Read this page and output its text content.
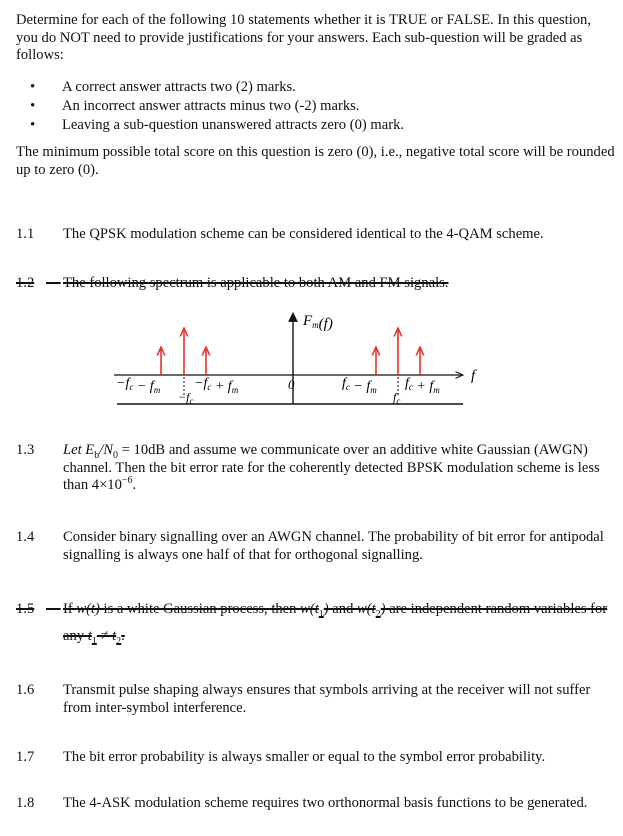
Determine for each of the following 10 statements whether it is TRUE or FALSE. In this question, you do NOT need to provide justifications for your answers. Each sub-question will be graded as follows:
• A correct answer attracts two (2) marks.
• An incorrect answer attracts minus two (-2) marks.
• Leaving a sub-question unanswered attracts zero (0) mark.
The minimum possible total score on this question is zero (0), i.e., negative total score will be rounded up to zero (0).
1.1	The QPSK modulation scheme can be considered identical to the 4-QAM scheme.
1.2
	The following spectrum is applicable to both AM and FM signals.
$F_m(f)$
f
0
$-f_c - f_m -f_c + f_m$
$-f_c$
$f_c - f_m$ $f_c + f_m$
$f_c$
1.3	Let $E_b/N_0 = 10dB$ and assume we communicate over an additive white Gaussian (AWGN) channel. Then the bit error rate for the coherently detected BPSK modulation scheme is less than $4\times 10^{-6}$.
1.4	Consider binary signalling over an AWGN channel. The probability of bit error for antipodal signalling is always one half of that for orthogonal signalling.
1.5
	If w(t) is a white Gaussian process, then $w(t_1)$ and $w(t_2)$ are independent random variables for any $t_1 \ne t_2$.
1.6	Transmit pulse shaping always ensures that symbols arriving at the receiver will not suffer from inter-symbol interference.
1.7	The bit error probability is always smaller or equal to the symbol error probability.
1.8	The 4-ASK modulation scheme requires two orthonormal basis functions to be generated.
